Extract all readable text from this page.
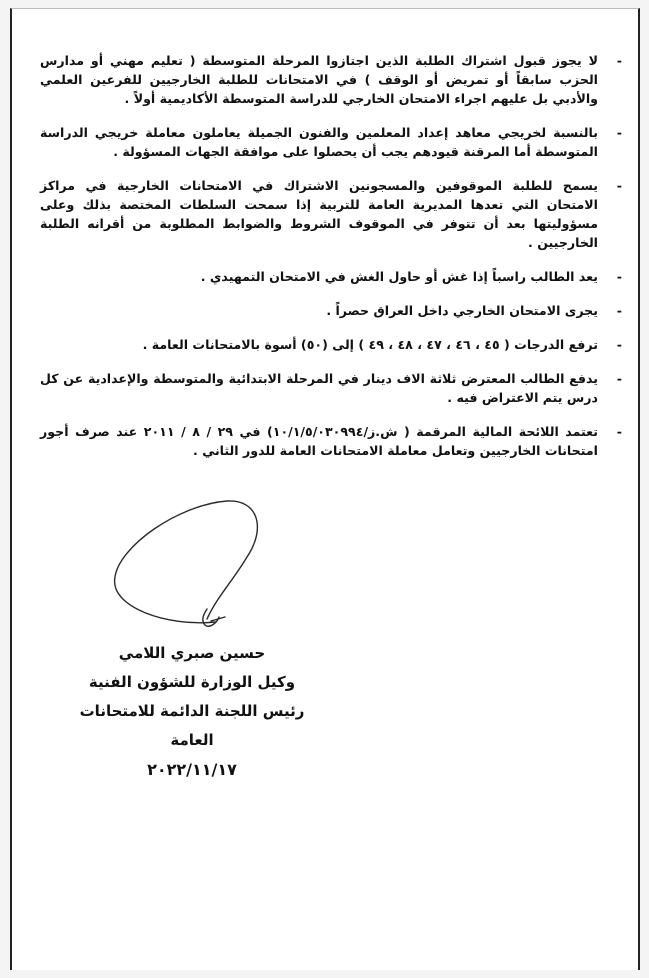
-
لا يجوز قبول اشتراك الطلبة الذين اجتازوا المرحلة المتوسطة ( تعليم مهني أو مدارس الحزب سابقاً أو تمريض أو الوقف ) في الامتحانات للطلبة الخارجيين للفرعين العلمي والأدبي بل عليهم اجراء الامتحان الخارجي للدراسة المتوسطة الأكاديمية أولاً .
-
بالنسبة لخريجي معاهد إعداد المعلمين والفنون الجميلة يعاملون معاملة خريجي الدراسة المتوسطة أما المرقنة قيودهم يجب أن يحصلوا على موافقة الجهات المسؤولة .
-
يسمح للطلبة الموقوفين والمسجونين الاشتراك في الامتحانات الخارجية في مراكز الامتحان التي تعدها المديرية العامة للتربية إذا سمحت السلطات المختصة بذلك وعلى مسؤوليتها بعد أن تتوفر في الموقوف الشروط والضوابط المطلوبة من أقرانه الطلبة الخارجيين .
-
يعد الطالب راسباً إذا غش أو حاول الغش في الامتحان التمهيدي .
-
يجرى الامتحان الخارجي داخل العراق حصراً .
-
ترفع الدرجات ( ٤٥ ، ٤٦ ، ٤٧ ، ٤٨ ، ٤٩ ) إلى (٥٠) أسوة بالامتحانات العامة .
-
يدفع الطالب المعترض ثلاثة الاف دينار في المرحلة الابتدائية والمتوسطة والإعدادية عن كل درس يتم الاعتراض فيه .
-
تعتمد اللائحة المالية المرقمة ( ش.ز/١٠/١/٥/٠٣٠٩٩٤) في ٢٩ / ٨ / ٢٠١١ عند صرف أجور امتحانات الخارجيين وتعامل معاملة الامتحانات العامة للدور الثاني .
حسين صبري اللامي
وكيل الوزارة للشؤون الفنية
رئيس اللجنة الدائمة للامتحانات العامة
٢٠٢٢/١١/١٧
